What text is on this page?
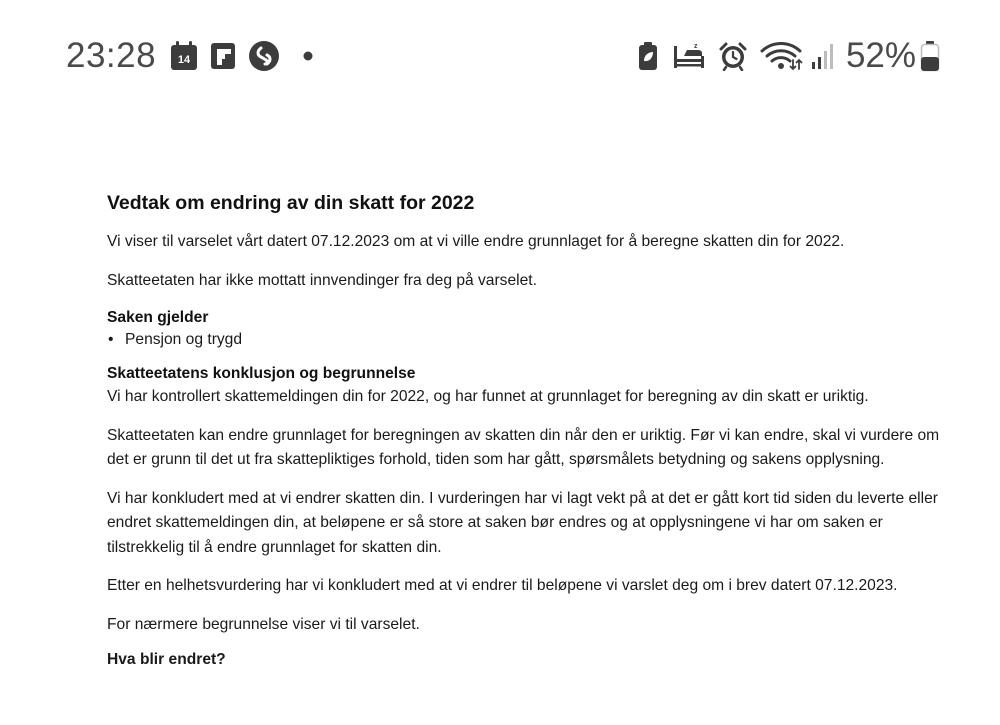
23:28 14
z	52%
Vedtak om endring av din skatt for 2022

Vi viser til varselet vårt datert 07.12.2023 om at vi ville endre grunnlaget for å beregne skatten din for 2022.

Skatteetaten har ikke mottatt innvendinger fra deg på varselet.

Saken gjelder
• Pensjon og trygd
Skatteetatens konklusjon og begrunnelse

Vi har kontrollert skattemeldingen din for 2022, og har funnet at grunnlaget for beregning av din skatt er uriktig.

Skatteetaten kan endre grunnlaget for beregningen av skatten din når den er uriktig. Før vi kan endre, skal vi vurdere om det er grunn til det ut fra skattepliktiges forhold, tiden som har gått, spørsmålets betydning og sakens opplysning.

Vi har konkludert med at vi endrer skatten din. I vurderingen har vi lagt vekt på at det er gått kort tid siden du leverte eller endret skattemeldingen din, at beløpene er så store at saken bør endres og at opplysningene vi har om saken er tilstrekkelig til å endre grunnlaget for skatten din.

Etter en helhetsvurdering har vi konkludert med at vi endrer til beløpene vi varslet deg om i brev datert 07.12.2023.

For nærmere begrunnelse viser vi til varselet.

Hva blir endret?
